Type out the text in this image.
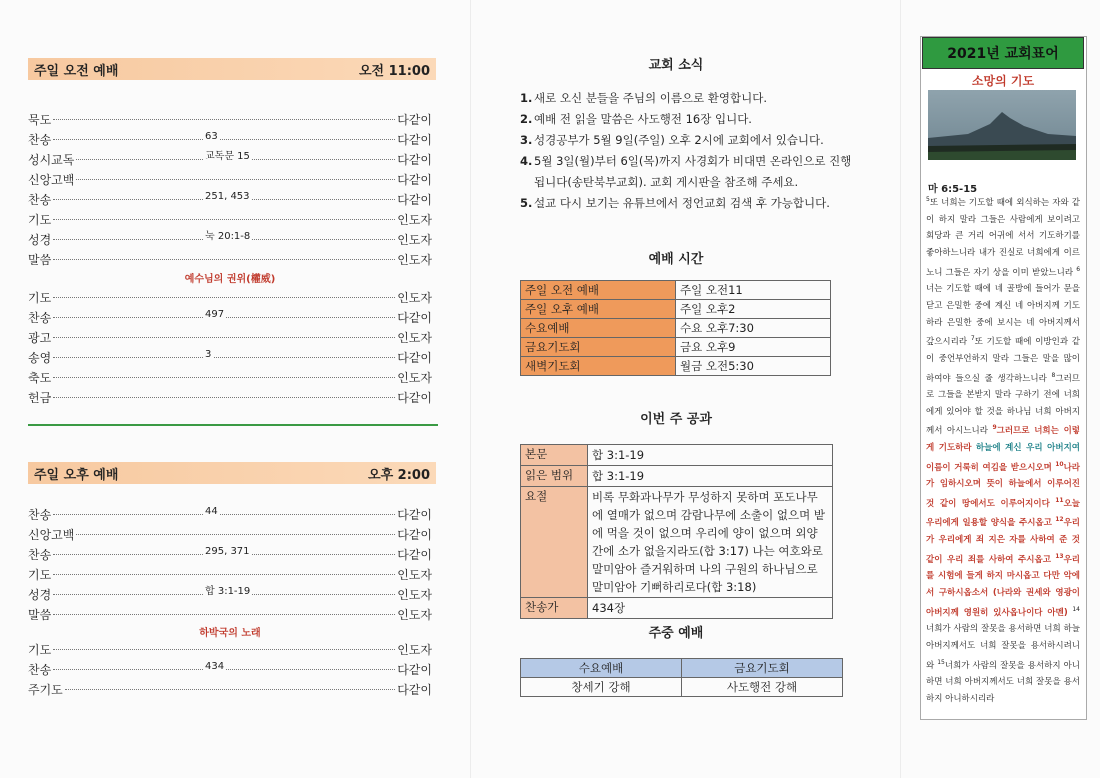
주일 오전 예배	오전 11:00
묵도	다같이
찬송	63	다같이
성시교독	교독문 15	다같이
신앙고백	다같이
찬송	251, 453	다같이
기도	인도자
성경	눅 20:1-8	인도자
말씀	인도자
예수님의 권위(權威)
기도	인도자
찬송	497	다같이
광고	인도자
송영	3	다같이
축도	인도자
헌금	다같이
주일 오후 예배	오후 2:00
찬송	44	다같이
신앙고백	다같이
찬송	295, 371	다같이
기도	인도자
성경	합 3:1-19	인도자
말씀	인도자
하박국의 노래
기도	인도자
찬송	434	다같이
주기도	다같이
교회 소식
1. 새로 오신 분들을 주님의 이름으로 환영합니다.
2. 예배 전 읽을 말씀은 사도행전 16장 입니다.
3. 성경공부가 5월 9일(주일) 오후 2시에 교회에서 있습니다.
4. 5월 3일(월)부터 6일(목)까지 사경회가 비대면 온라인으로 진행됩니다(송탄북부교회). 교회 게시판을 참조해 주세요.
5. 설교 다시 보기는 유튜브에서 정언교회 검색 후 가능합니다.
예배 시간
주일 오전 예배	주일 오전11
주일 오후 예배	주일 오후2
수요예배	수요 오후7:30
금요기도회	금요 오후9
새벽기도회	월금 오전5:30
이번 주 공과
본문	합 3:1-19
읽은 범위	합 3:1-19
요절	비록 무화과나무가 무성하지 못하며 포도나무에 열매가 없으며 감람나무에 소출이 없으며 밭에 먹을 것이 없으며 우리에 양이 없으며 외양간에 소가 없을지라도(합 3:17) 나는 여호와로 말미암아 즐거워하며 나의 구원의 하나님으로 말미암아 기뻐하리로다(합 3:18)
찬송가	434장
주중 예배
수요예배	금요기도회
창세기 강해	사도행전 강해
2021년 교회표어
소망의 기도
마 6:5-15
$^5$또 너희는 기도할 때에 외식하는 자와 같이 하지 말라 그들은 사람에게 보이려고 회당과 큰 거리 어귀에 서서 기도하기를 좋아하느니라 내가 진실로 너희에게 이르노니 그들은 자기 상을 이미 받았느니라 $^6$너는 기도할 때에 네 골방에 들어가 문을 닫고 은밀한 중에 계신 네 아버지께 기도하라 은밀한 중에 보시는 네 아버지께서 갚으시리라 $^7$또 기도할 때에 이방인과 같이 중언부언하지 말라 그들은 말을 많이 하여야 들으실 줄 생각하느니라 $^8$그러므로 그들을 본받지 말라 구하기 전에 너희에게 있어야 할 것을 하나님 너희 아버지께서 아시느니라 $^9$그러므로 너희는 이렇게 기도하라 하늘에 계신 우리 아버지여 이름이 거룩히 여김을 받으시오며 $^{10}$나라가 임하시오며 뜻이 하늘에서 이루어진 것 같이 땅에서도 이루어지이다 $^{11}$오늘 우리에게 일용할 양식을 주시옵고 $^{12}$우리가 우리에게 죄 지은 자를 사하여 준 것 같이 우리 죄를 사하여 주시옵고 $^{13}$우리를 시험에 들게 하지 마시옵고 다만 악에서 구하시옵소서 (나라와 권세와 영광이 아버지께 영원히 있사옵나이다 아멘) $^{14}$너희가 사람의 잘못을 용서하면 너희 하늘 아버지께서도 너희 잘못을 용서하시려니와 $^{15}$너희가 사람의 잘못을 용서하지 아니하면 너희 아버지께서도 너희 잘못을 용서하지 아니하시리라
